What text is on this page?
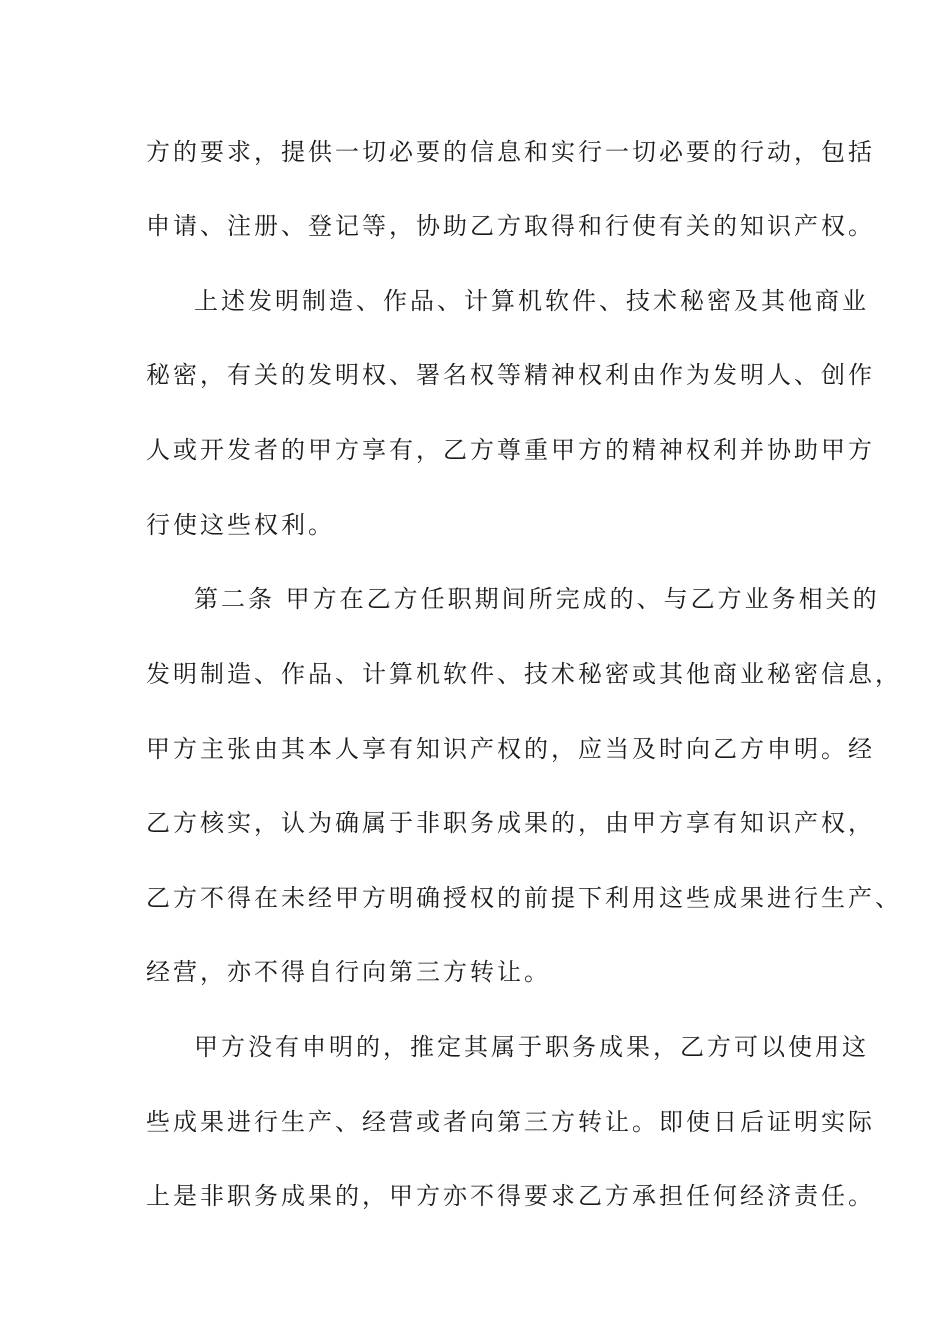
方的要求，提供一切必要的信息和实行一切必要的行动，包括
申请、注册、登记等，协助乙方取得和行使有关的知识产权。
上述发明制造、作品、计算机软件、技术秘密及其他商业
秘密，有关的发明权、署名权等精神权利由作为发明人、创作
人或开发者的甲方享有，乙方尊重甲方的精神权利并协助甲方
行使这些权利。
第二条 甲方在乙方任职期间所完成的、与乙方业务相关的
发明制造、作品、计算机软件、技术秘密或其他商业秘密信息，
甲方主张由其本人享有知识产权的，应当及时向乙方申明。经
乙方核实，认为确属于非职务成果的，由甲方享有知识产权，
乙方不得在未经甲方明确授权的前提下利用这些成果进行生产、
经营，亦不得自行向第三方转让。
甲方没有申明的，推定其属于职务成果，乙方可以使用这
些成果进行生产、经营或者向第三方转让。即使日后证明实际
上是非职务成果的，甲方亦不得要求乙方承担任何经济责任。
